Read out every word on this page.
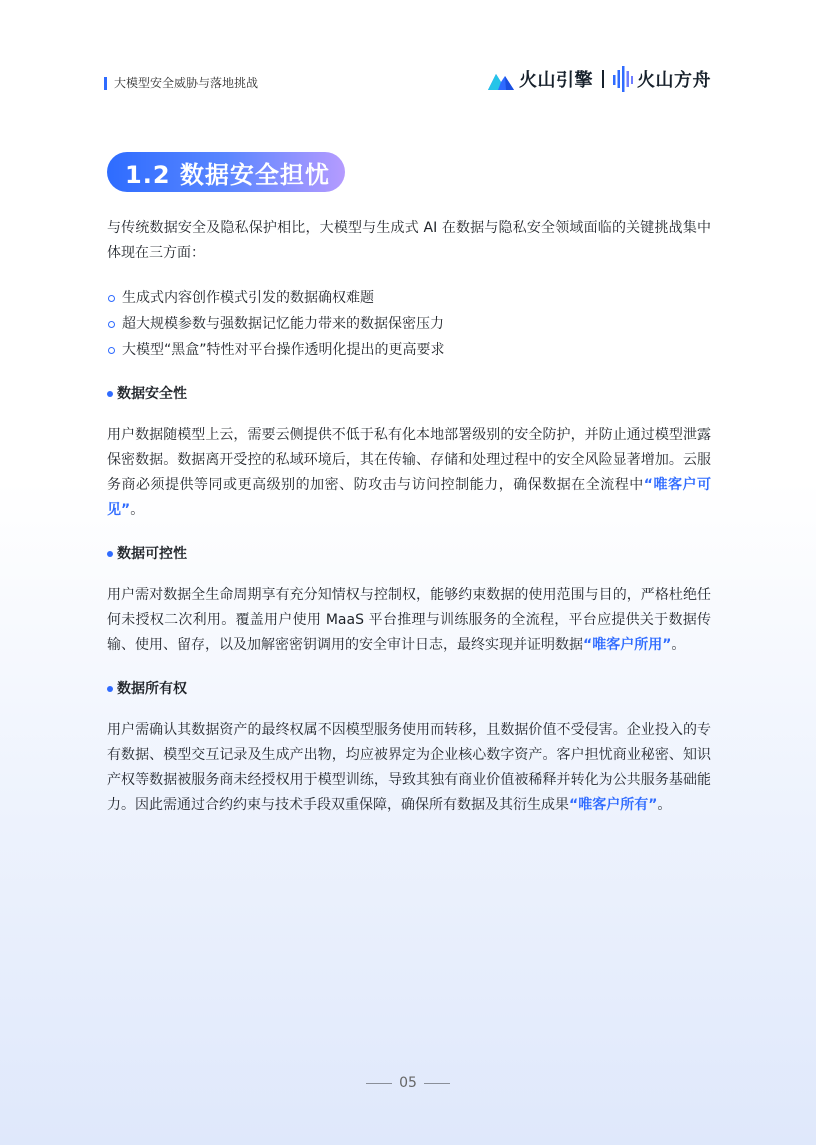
大模型安全威胁与落地挑战	火山引擎 火山方舟
1.2 数据安全担忧

与传统数据安全及隐私保护相比，大模型与生成式 AI 在数据与隐私安全领域面临的关键挑战集中体现在三方面：

生成式内容创作模式引发的数据确权难题
超大规模参数与强数据记忆能力带来的数据保密压力
大模型“黑盒”特性对平台操作透明化提出的更高要求
数据安全性

用户数据随模型上云，需要云侧提供不低于私有化本地部署级别的安全防护，并防止通过模型泄露保密数据。数据离开受控的私域环境后，其在传输、存储和处理过程中的安全风险显著增加。云服务商必须提供等同或更高级别的加密、防攻击与访问控制能力，确保数据在全流程中“唯客户可见”。

数据可控性

用户需对数据全生命周期享有充分知情权与控制权，能够约束数据的使用范围与目的，严格杜绝任何未授权二次利用。覆盖用户使用 MaaS 平台推理与训练服务的全流程，平台应提供关于数据传输、使用、留存，以及加解密密钥调用的安全审计日志，最终实现并证明数据“唯客户所用”。

数据所有权

用户需确认其数据资产的最终权属不因模型服务使用而转移，且数据价值不受侵害。企业投入的专有数据、模型交互记录及生成产出物，均应被界定为企业核心数字资产。客户担忧商业秘密、知识产权等数据被服务商未经授权用于模型训练，导致其独有商业价值被稀释并转化为公共服务基础能力。因此需通过合约约束与技术手段双重保障，确保所有数据及其衍生成果“唯客户所有”。

05
